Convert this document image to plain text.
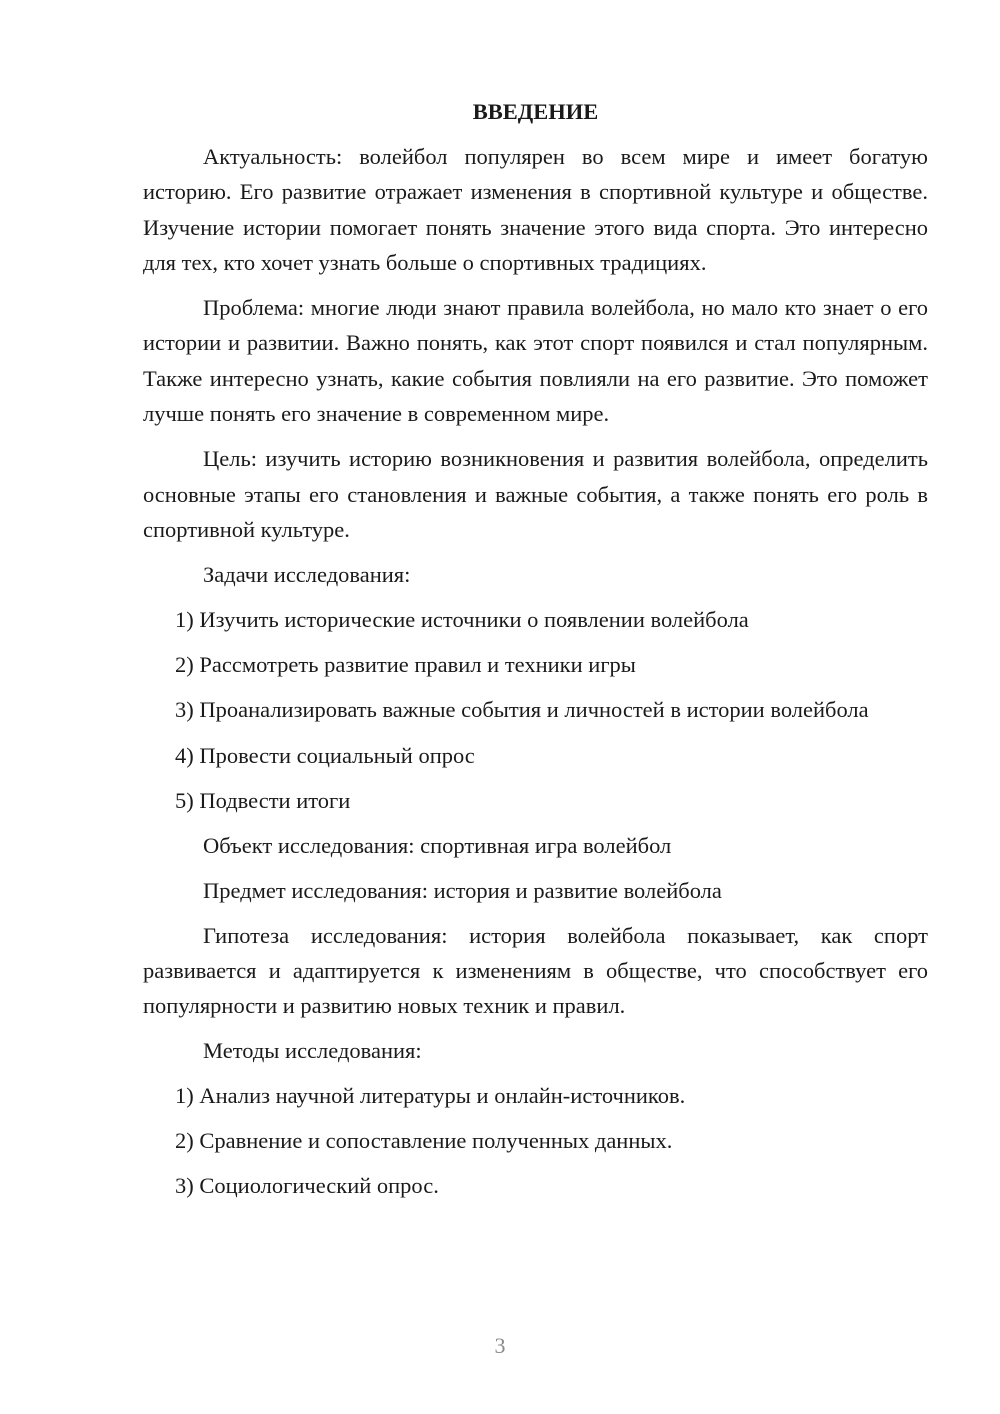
ВВЕДЕНИЕ

Актуальность: волейбол популярен во всем мире и имеет богатую историю. Его развитие отражает изменения в спортивной культуре и обществе. Изучение истории помогает понять значение этого вида спорта. Это интересно для тех, кто хочет узнать больше о спортивных традициях.

Проблема: многие люди знают правила волейбола, но мало кто знает о его истории и развитии. Важно понять, как этот спорт появился и стал популярным. Также интересно узнать, какие события повлияли на его развитие. Это поможет лучше понять его значение в современном мире.

Цель: изучить историю возникновения и развития волейбола, определить основные этапы его становления и важные события, а также понять его роль в спортивной культуре.

Задачи исследования:
1) Изучить исторические источники о появлении волейбола
2) Рассмотреть развитие правил и техники игры

3) Проанализировать важные события и личностей в истории волейбола

4) Провести социальный опрос
5) Подвести итоги
Объект исследования: спортивная игра волейбол
Предмет исследования: история и развитие волейбола

Гипотеза исследования: история волейбола показывает, как спорт развивается и адаптируется к изменениям в обществе, что способствует его популярности и развитию новых техник и правил.

Методы исследования:
1) Анализ научной литературы и онлайн-источников.
2) Сравнение и сопоставление полученных данных.
3) Социологический опрос.
3
